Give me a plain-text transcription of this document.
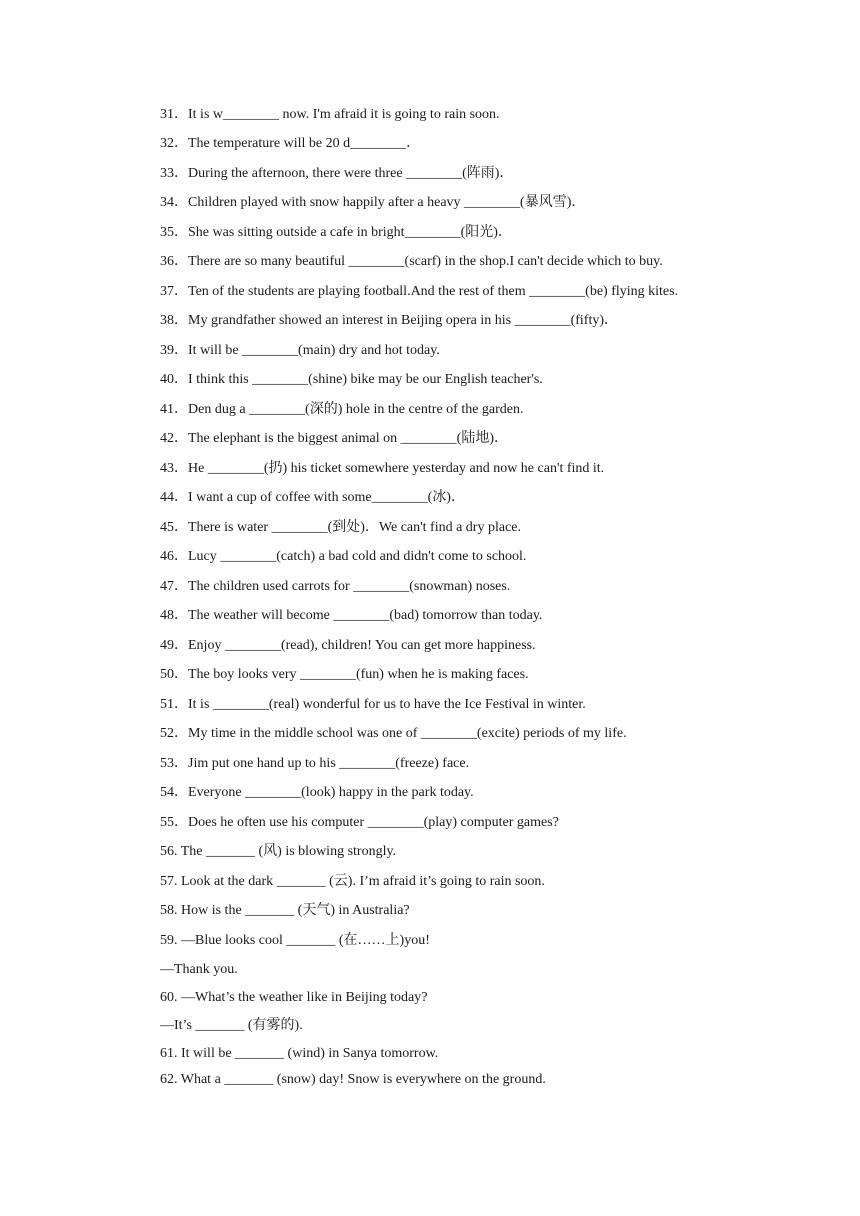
31．It is w________ now. I'm afraid it is going to rain soon.
32．The temperature will be 20 d________．
33．During the afternoon, there were three ________(阵雨)．
34．Children played with snow happily after a heavy ________(暴风雪)．
35．She was sitting outside a cafe in bright________(阳光)．
36．There are so many beautiful ________(scarf) in the shop.I can't decide which to buy.
37．Ten of the students are playing football.And the rest of them ________(be) flying kites.
38．My grandfather showed an interest in Beijing opera in his ________(fifty)．
39．It will be ________(main) dry and hot today.
40．I think this ________(shine) bike may be our English teacher's.
41．Den dug a ________(深的) hole in the centre of the garden.
42．The elephant is the biggest animal on ________(陆地)．
43．He ________(扔) his ticket somewhere yesterday and now he can't find it.
44．I want a cup of coffee with some________(冰)．
45．There is water ________(到处)．We can't find a dry place.
46．Lucy ________(catch) a bad cold and didn't come to school.
47．The children used carrots for ________(snowman) noses.
48．The weather will become ________(bad) tomorrow than today.
49．Enjoy ________(read), children! You can get more happiness.
50．The boy looks very ________(fun) when he is making faces.
51．It is ________(real) wonderful for us to have the Ice Festival in winter.
52．My time in the middle school was one of ________(excite) periods of my life.
53．Jim put one hand up to his ________(freeze) face.
54．Everyone ________(look) happy in the park today.
55．Does he often use his computer ________(play) computer games?
56. The _______ (风) is blowing strongly.
57. Look at the dark _______ (云). I’m afraid it’s going to rain soon.
58. How is the _______ (天气) in Australia?
59. —Blue looks cool _______ (在……上)you!
—Thank you.
60. —What’s the weather like in Beijing today?
—It’s _______ (有雾的).
61. It will be _______ (wind) in Sanya tomorrow.
62. What a _______ (snow) day! Snow is everywhere on the ground.
